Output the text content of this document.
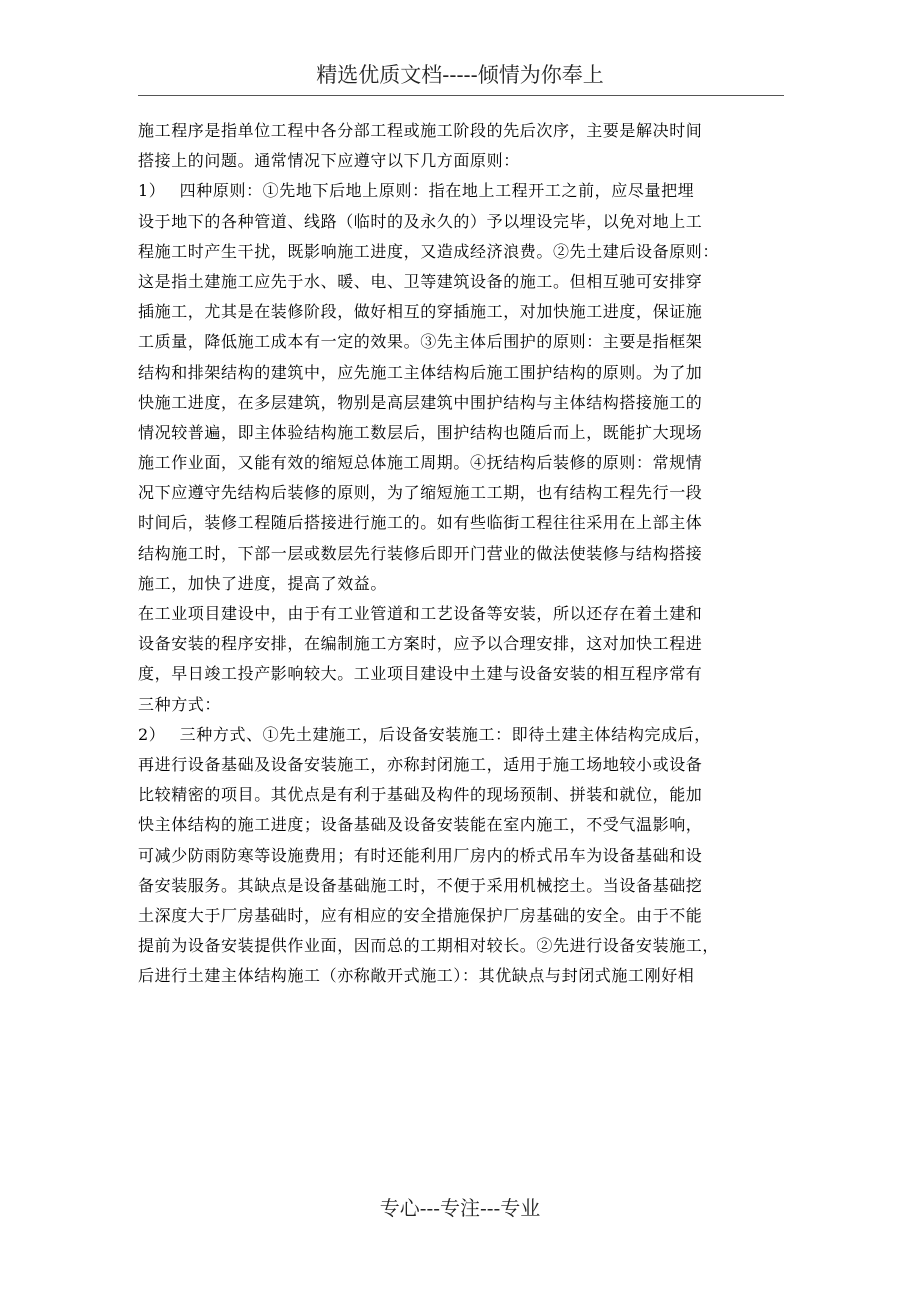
精选优质文档-----倾情为你奉上
施工程序是指单位工程中各分部工程或施工阶段的先后次序，主要是解决时间
搭接上的问题。通常情况下应遵守以下几方面原则：
1）　 四种原则：①先地下后地上原则：指在地上工程开工之前，应尽量把埋
设于地下的各种管道、线路（临时的及永久的）予以埋设完毕，以免对地上工
程施工时产生干扰，既影响施工进度，又造成经济浪费。②先土建后设备原则：
这是指土建施工应先于水、暖、电、卫等建筑设备的施工。但相互驰可安排穿
插施工，尤其是在装修阶段，做好相互的穿插施工，对加快施工进度，保证施
工质量，降低施工成本有一定的效果。③先主体后围护的原则：主要是指框架
结构和排架结构的建筑中，应先施工主体结构后施工围护结构的原则。为了加
快施工进度，在多层建筑，物别是高层建筑中围护结构与主体结构搭接施工的
情况较普遍，即主体验结构施工数层后，围护结构也随后而上，既能扩大现场
施工作业面，又能有效的缩短总体施工周期。④抚结构后装修的原则：常规情
况下应遵守先结构后装修的原则，为了缩短施工工期，也有结构工程先行一段
时间后，装修工程随后搭接进行施工的。如有些临街工程往往采用在上部主体
结构施工时，下部一层或数层先行装修后即开门营业的做法使装修与结构搭接
施工，加快了进度，提高了效益。
在工业项目建设中，由于有工业管道和工艺设备等安装，所以还存在着土建和
设备安装的程序安排，在编制施工方案时，应予以合理安排，这对加快工程进
度，早日竣工投产影响较大。工业项目建设中土建与设备安装的相互程序常有
三种方式：
2）　 三种方式、①先土建施工，后设备安装施工：即待土建主体结构完成后，
再进行设备基础及设备安装施工，亦称封闭施工，适用于施工场地较小或设备
比较精密的项目。其优点是有利于基础及构件的现场预制、拼装和就位，能加
快主体结构的施工进度；设备基础及设备安装能在室内施工，不受气温影响，
可减少防雨防寒等设施费用；有时还能利用厂房内的桥式吊车为设备基础和设
备安装服务。其缺点是设备基础施工时，不便于采用机械挖土。当设备基础挖
土深度大于厂房基础时，应有相应的安全措施保护厂房基础的安全。由于不能
提前为设备安装提供作业面，因而总的工期相对较长。②先进行设备安装施工，
后进行土建主体结构施工（亦称敞开式施工）：其优缺点与封闭式施工刚好相
专心---专注---专业
